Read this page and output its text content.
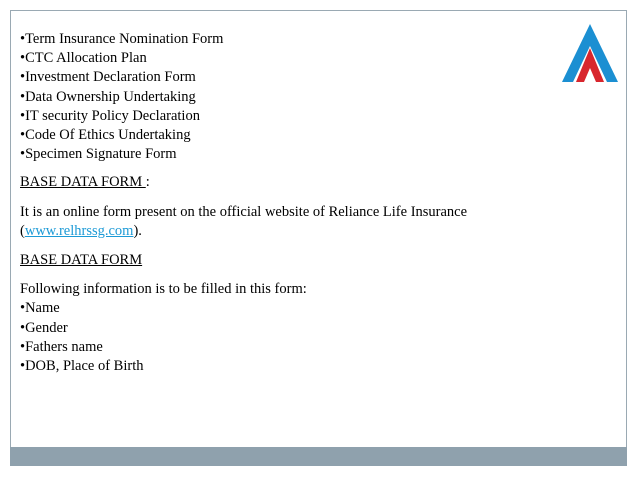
•Term Insurance Nomination Form

•CTC Allocation Plan

•Investment Declaration Form

•Data Ownership Undertaking

•IT security Policy Declaration

•Code Of Ethics Undertaking

•Specimen Signature Form

BASE DATA FORM :

It is an online form present on the official website of Reliance Life Insurance

(www.relhrssg.com).

BASE DATA FORM

Following information is to be filled in this form:

•Name

•Gender

•Fathers name

•DOB, Place of Birth
